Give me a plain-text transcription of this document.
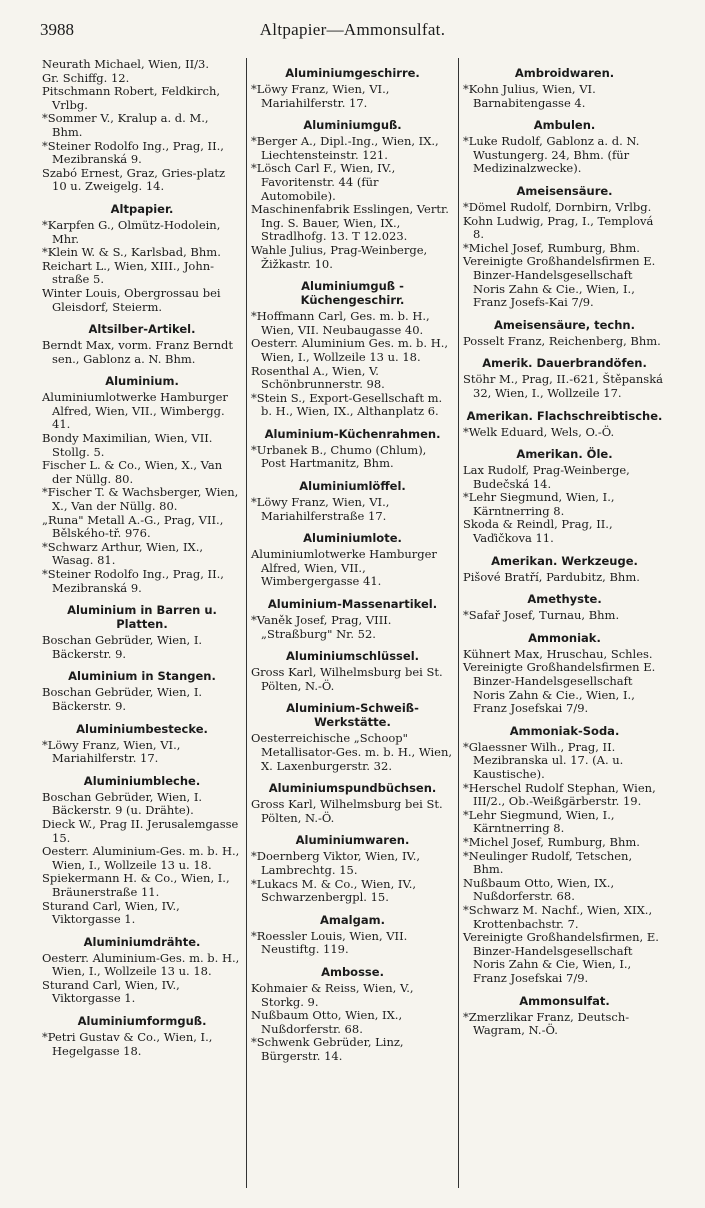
3988	Altpapier—Ammonsulfat.

Neurath Michael, Wien, II/3.

Gr. Schiffg. 12.

Pitschmann Robert, Feldkirch, Vrlbg.

*Sommer V., Kralup a. d. M., Bhm.

*Steiner Rodolfo Ing., Prag, II., Mezibranská 9.

Szabó Ernest, Graz, Gries-platz 10 u. Zweigelg. 14.

Altpapier.

*Karpfen G., Olmütz-Hodolein, Mhr.

*Klein W. & S., Karlsbad, Bhm.

Reichart L., Wien, XIII., John-straße 5.

Winter Louis, Obergrossau bei Gleisdorf, Steierm.

Altsilber-Artikel.

Berndt Max, vorm. Franz Berndt sen., Gablonz a. N. Bhm.

Aluminium.

Aluminiumlotwerke Hamburger Alfred, Wien, VII., Wimbergg. 41.

Bondy Maximilian, Wien, VII. Stollg. 5.

Fischer L. & Co., Wien, X., Van der Nüllg. 80.

*Fischer T. & Wachsberger, Wien, X., Van der Nüllg. 80.

„Runa" Metall A.-G., Prag, VII., Bělského-tř. 976.

*Schwarz Arthur, Wien, IX., Wasag. 81.

*Steiner Rodolfo Ing., Prag, II., Mezibranská 9.

Aluminium in Barren u. Platten.

Boschan Gebrüder, Wien, I. Bäckerstr. 9.

Aluminium in Stangen.

Boschan Gebrüder, Wien, I. Bäckerstr. 9.

Aluminiumbestecke.

*Löwy Franz, Wien, VI., Mariahilferstr. 17.

Aluminiumbleche.

Boschan Gebrüder, Wien, I. Bäckerstr. 9 (u. Drähte).

Dieck W., Prag II. Jerusalemgasse 15.

Oesterr. Aluminium-Ges. m. b. H., Wien, I., Wollzeile 13 u. 18.

Spiekermann H. & Co., Wien, I., Bräunerstraße 11.

Sturand Carl, Wien, IV., Viktorgasse 1.

Aluminiumdrähte.

Oesterr. Aluminium-Ges. m. b. H., Wien, I., Wollzeile 13 u. 18.

Sturand Carl, Wien, IV., Viktorgasse 1.

Aluminiumformguß.

*Petri Gustav & Co., Wien, I., Hegelgasse 18.

Aluminiumgeschirre.

*Löwy Franz, Wien, VI., Mariahilferstr. 17.

Aluminiumguß.

*Berger A., Dipl.-Ing., Wien, IX., Liechtensteinstr. 121.

*Lösch Carl F., Wien, IV., Favoritenstr. 44 (für Automobile).

Maschinenfabrik Esslingen, Vertr. Ing. S. Bauer, Wien, IX., Stradlhofg. 13. T 12.023.

Wahle Julius, Prag-Weinberge, Žižkastr. 10.

Aluminiumguß - Küchengeschirr.

*Hoffmann Carl, Ges. m. b. H., Wien, VII. Neubaugasse 40.

Oesterr. Aluminium Ges. m. b. H., Wien, I., Wollzeile 13 u. 18.

Rosenthal A., Wien, V. Schönbrunnerstr. 98.

*Stein S., Export-Gesellschaft m. b. H., Wien, IX., Althanplatz 6.

Aluminium-Küchenrahmen.

*Urbanek B., Chumo (Chlum), Post Hartmanitz, Bhm.

Aluminiumlöffel.

*Löwy Franz, Wien, VI., Mariahilferstraße 17.

Aluminiumlote.

Aluminiumlotwerke Hamburger Alfred, Wien, VII., Wimbergergasse 41.

Aluminium-Massenartikel.

*Vaněk Josef, Prag, VIII. „Straßburg" Nr. 52.

Aluminiumschlüssel.

Gross Karl, Wilhelmsburg bei St. Pölten, N.-Ö.

Aluminium-Schweiß-Werkstätte.

Oesterreichische „Schoop" Metallisator-Ges. m. b. H., Wien, X. Laxenburgerstr. 32.

Aluminiumspundbüchsen.

Gross Karl, Wilhelmsburg bei St. Pölten, N.-Ö.

Aluminiumwaren.

*Doernberg Viktor, Wien, IV., Lambrechtg. 15.

*Lukacs M. & Co., Wien, IV., Schwarzenbergpl. 15.

Amalgam.

*Roessler Louis, Wien, VII. Neustiftg. 119.

Ambosse.

Kohmaier & Reiss, Wien, V., Storkg. 9.

Nußbaum Otto, Wien, IX., Nußdorferstr. 68.

*Schwenk Gebrüder, Linz, Bürgerstr. 14.

Ambroidwaren.

*Kohn Julius, Wien, VI. Barnabitengasse 4.

Ambulen.

*Luke Rudolf, Gablonz a. d. N. Wustungerg. 24, Bhm. (für Medizinalzwecke).

Ameisensäure.

*Dömel Rudolf, Dornbirn, Vrlbg.

Kohn Ludwig, Prag, I., Templová 8.

*Michel Josef, Rumburg, Bhm.

Vereinigte Großhandelsfirmen E. Binzer-Handelsgesellschaft Noris Zahn & Cie., Wien, I., Franz Josefs-Kai 7/9.

Ameisensäure, techn.

Posselt Franz, Reichenberg, Bhm.

Amerik. Dauerbrandöfen.

Stöhr M., Prag, II.-621, Štěpanská 32, Wien, I., Wollzeile 17.

Amerikan. Flachschreibtische.

*Welk Eduard, Wels, O.-Ö.

Amerikan. Öle.

Lax Rudolf, Prag-Weinberge, Budečská 14.

*Lehr Siegmund, Wien, I., Kärntnerring 8.

Skoda & Reindl, Prag, II., Vaďičkova 11.

Amerikan. Werkzeuge.

Pišové Bratří, Pardubitz, Bhm.

Amethyste.

*Safař Josef, Turnau, Bhm.

Ammoniak.

Kühnert Max, Hruschau, Schles.

Vereinigte Großhandelsfirmen E. Binzer-Handelsgesellschaft Noris Zahn & Cie., Wien, I., Franz Josefskai 7/9.

Ammoniak-Soda.

*Glaessner Wilh., Prag, II. Mezibranska ul. 17. (A. u. Kaustische).

*Herschel Rudolf Stephan, Wien, III/2., Ob.-Weißgärberstr. 19.

*Lehr Siegmund, Wien, I., Kärntnerring 8.

*Michel Josef, Rumburg, Bhm.

*Neulinger Rudolf, Tetschen, Bhm.

Nußbaum Otto, Wien, IX., Nußdorferstr. 68.

*Schwarz M. Nachf., Wien, XIX., Krottenbachstr. 7.

Vereinigte Großhandelsfirmen, E. Binzer-Handelsgesellschaft Noris Zahn & Cie, Wien, I., Franz Josefskai 7/9.

Ammonsulfat.

*Zmerzlikar Franz, Deutsch-Wagram, N.-Ö.
